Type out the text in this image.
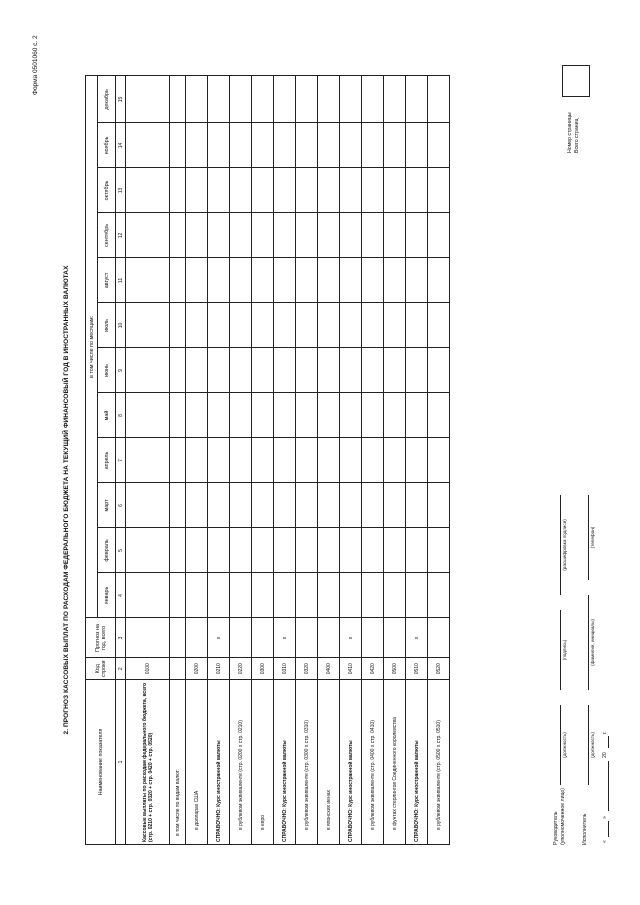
Форма 0501060 с. 2
2. ПРОГНОЗ КАССОВЫХ ВЫПЛАТ ПО РАСХОДАМ ФЕДЕРАЛЬНОГО БЮДЖЕТА НА ТЕКУЩИЙ ФИНАНСОВЫЙ ГОД В ИНОСТРАННЫХ ВАЛЮТАХ
Наименование показателя	Код строки	Прогноз на год, всего	в том числе по месяцам:											
			январь	февраль	март	апрель	май	июнь	июль	август	сентябрь	октябрь	ноябрь	декабрь
1	2	3	4	5	6	7	8	9	10	11	12	13	14	15
Кассовые выплаты по расходам федерального бюджета, всего (стр. 0210 + стр. 0320 + стр. 0420 + стр. 0520)	0100													
в том числе по видам валют:														
в долларах США	0200													
СПРАВОЧНО: Курс иностранной валюты	0210	х												
в рублевом эквиваленте (стр. 0200 х стр. 0210)	0220													
в евро	0300													
СПРАВОЧНО: Курс иностранной валюты	0310	х												
в рублевом эквиваленте (стр. 0300 х стр. 0310)	0320													
в японских иенах	0400													
СПРАВОЧНО: Курс иностранной валюты	0410	х												
в рублевом эквиваленте (стр. 0400 х стр. 0410)	0420													
в фунтах стерлингов Соединенного королевства	0500													
СПРАВОЧНО: Курс иностранной валюты	0510	х												
в рублевом эквиваленте (стр. 0500 х стр. 0510)	0520													
Руководитель (уполномоченное лицо)
(должность)
(подпись)
(расшифровка подписи)
Исполнитель
(должность)
(фамилия, инициалы)
(телефон)
«
»
20
г.
Номер страницы Всего страниц
